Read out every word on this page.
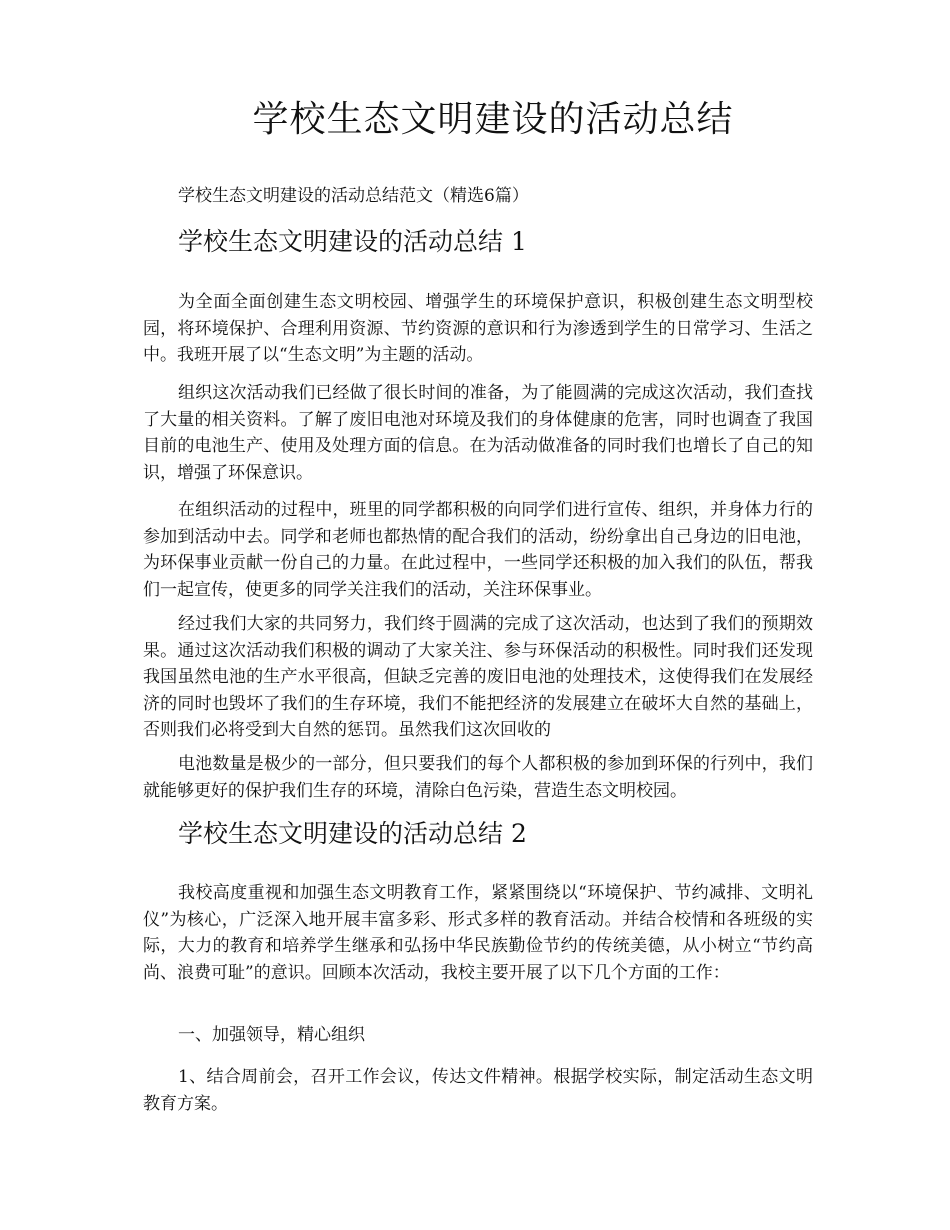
学校生态文明建设的活动总结

学校生态文明建设的活动总结范文（精选6篇）

学校生态文明建设的活动总结 1

为全面全面创建生态文明校园、增强学生的环境保护意识，积极创建生态文明型校园，将环境保护、合理利用资源、节约资源的意识和行为渗透到学生的日常学习、生活之中。我班开展了以“生态文明”为主题的活动。

组织这次活动我们已经做了很长时间的准备，为了能圆满的完成这次活动，我们查找了大量的相关资料。了解了废旧电池对环境及我们的身体健康的危害，同时也调查了我国目前的电池生产、使用及处理方面的信息。在为活动做准备的同时我们也增长了自己的知识，增强了环保意识。

在组织活动的过程中，班里的同学都积极的向同学们进行宣传、组织，并身体力行的参加到活动中去。同学和老师也都热情的配合我们的活动，纷纷拿出自己身边的旧电池，为环保事业贡献一份自己的力量。在此过程中，一些同学还积极的加入我们的队伍，帮我们一起宣传，使更多的同学关注我们的活动，关注环保事业。

经过我们大家的共同努力，我们终于圆满的完成了这次活动，也达到了我们的预期效果。通过这次活动我们积极的调动了大家关注、参与环保活动的积极性。同时我们还发现我国虽然电池的生产水平很高，但缺乏完善的废旧电池的处理技术，这使得我们在发展经济的同时也毁坏了我们的生存环境，我们不能把经济的发展建立在破坏大自然的基础上，否则我们必将受到大自然的惩罚。虽然我们这次回收的

电池数量是极少的一部分，但只要我们的每个人都积极的参加到环保的行列中，我们就能够更好的保护我们生存的环境，清除白色污染，营造生态文明校园。

学校生态文明建设的活动总结 2

我校高度重视和加强生态文明教育工作，紧紧围绕以“环境保护、节约减排、文明礼仪”为核心，广泛深入地开展丰富多彩、形式多样的教育活动。并结合校情和各班级的实际，大力的教育和培养学生继承和弘扬中华民族勤俭节约的传统美德，从小树立“节约高尚、浪费可耻”的意识。回顾本次活动，我校主要开展了以下几个方面的工作：

一、加强领导，精心组织

1、结合周前会，召开工作会议，传达文件精神。根据学校实际，制定活动生态文明教育方案。
